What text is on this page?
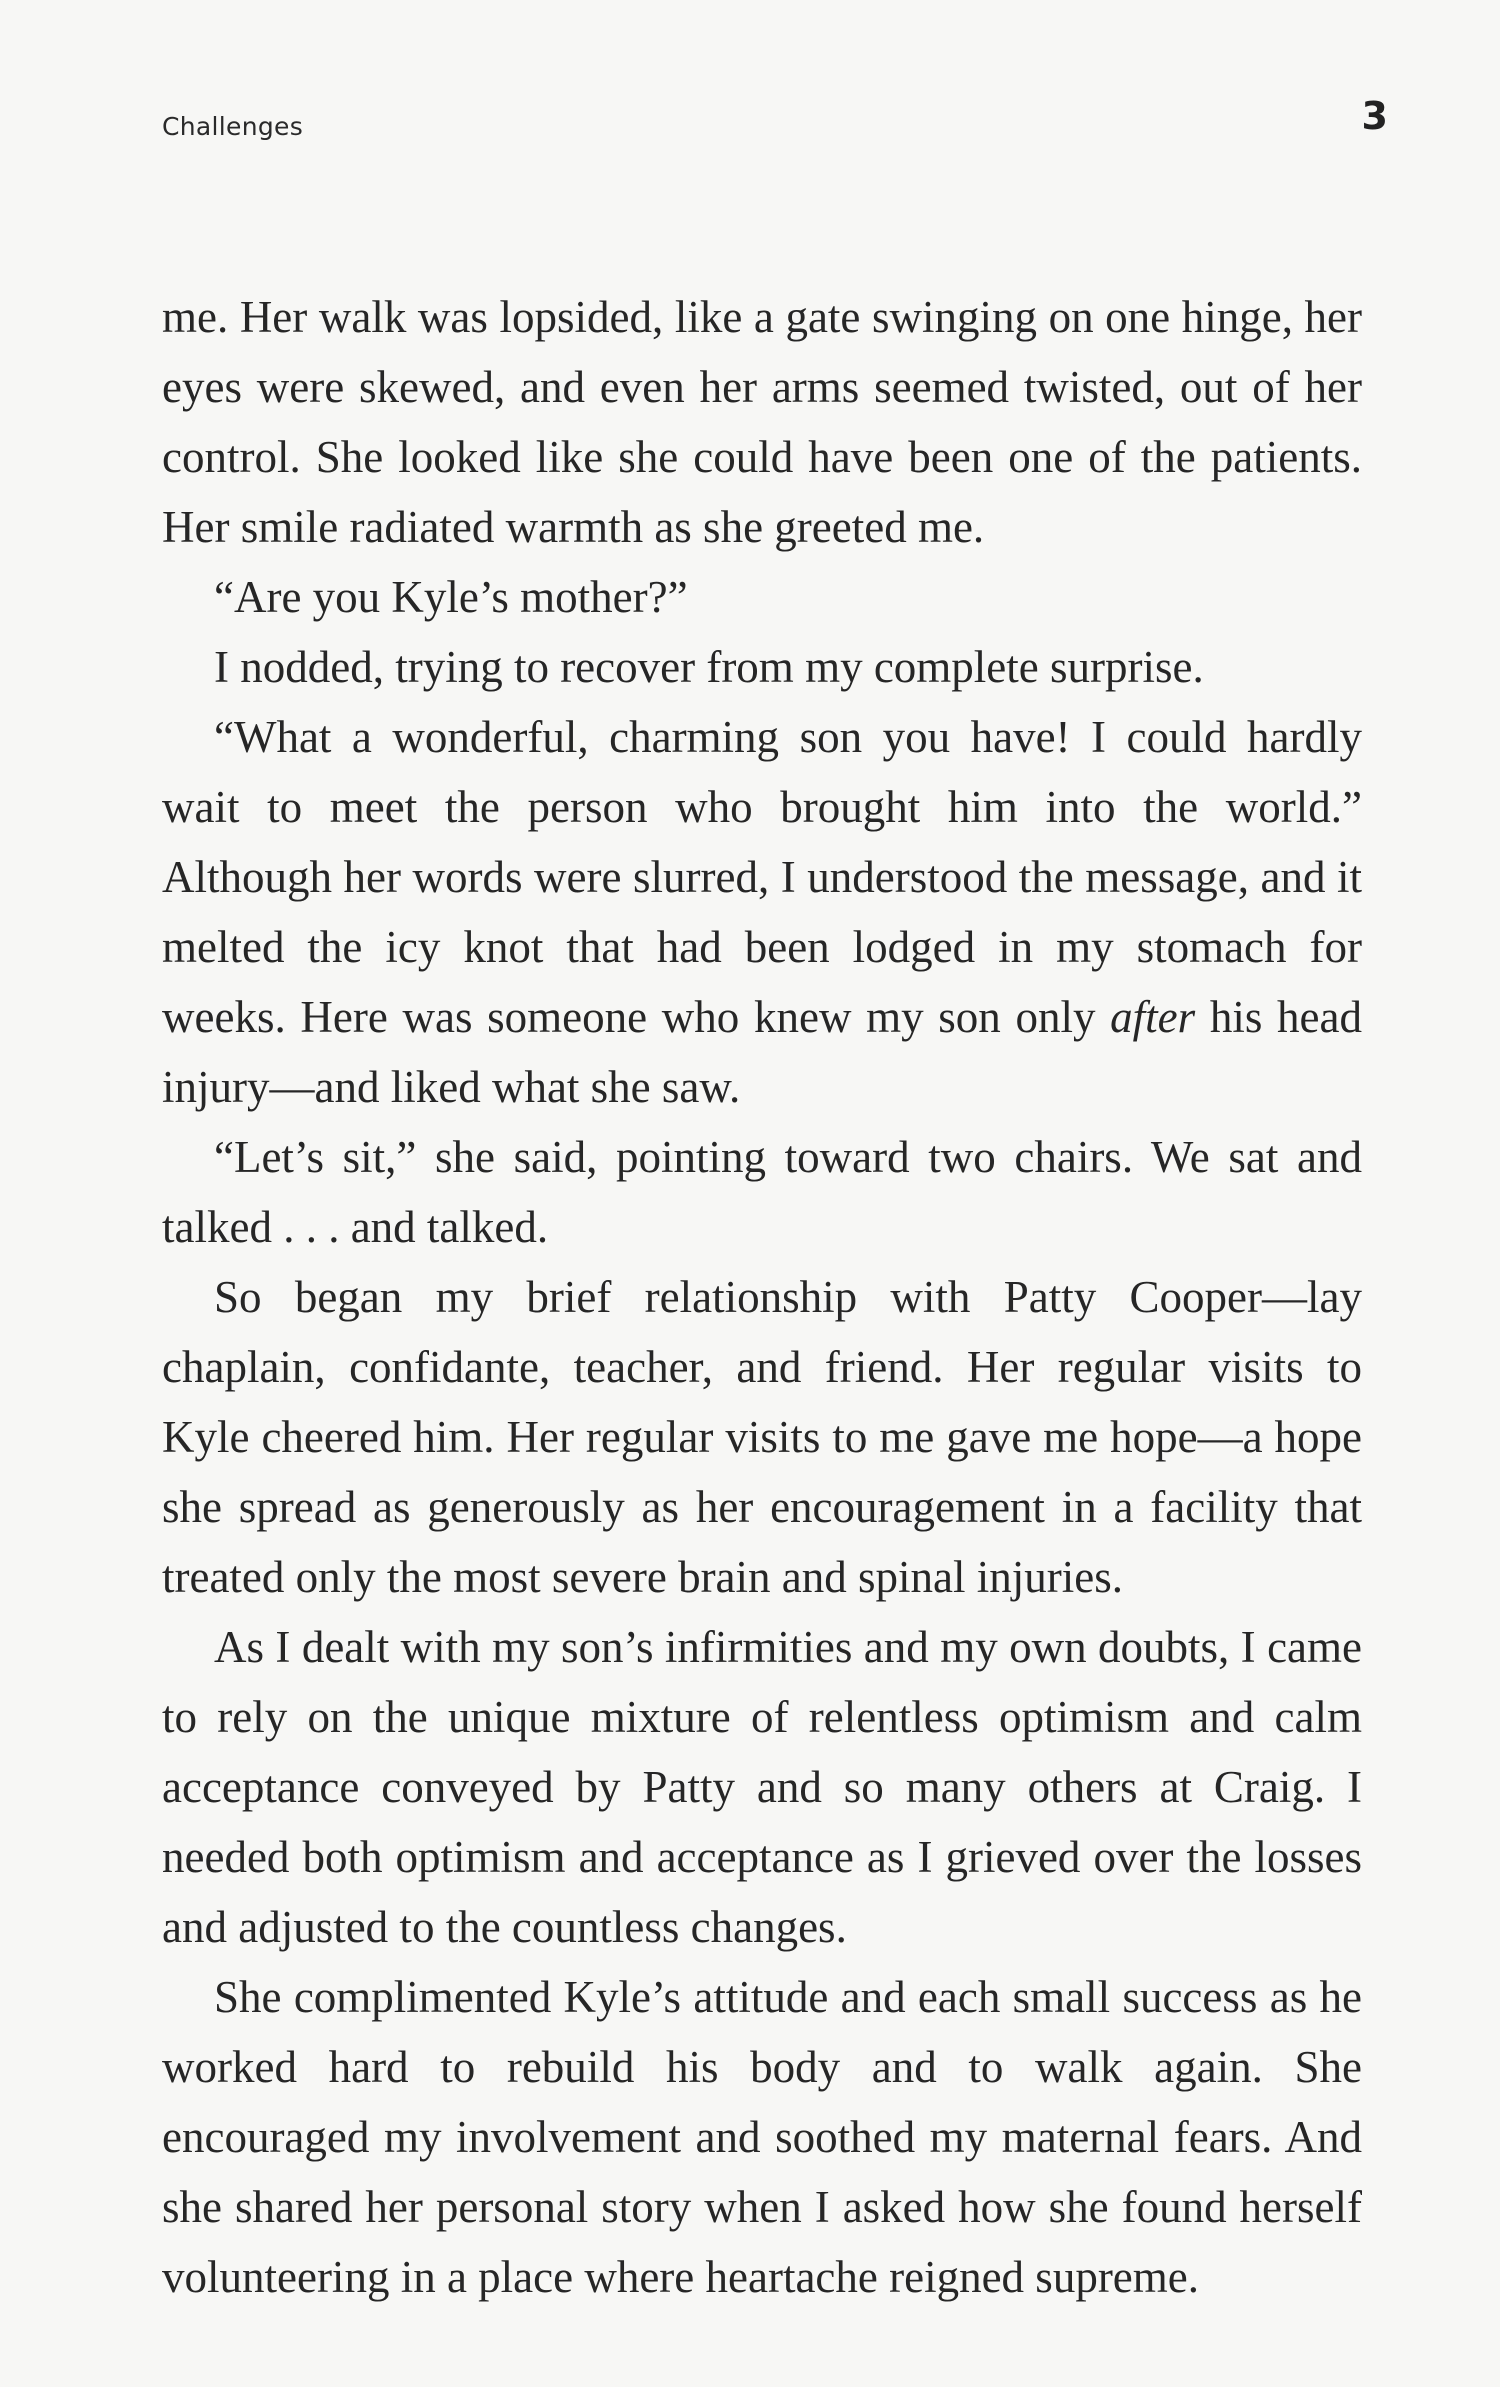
Challenges	3

me. Her walk was lopsided, like a gate swinging on one hinge, her eyes were skewed, and even her arms seemed twisted, out of her control. She looked like she could have been one of the patients. Her smile radiated warmth as she greeted me.

“Are you Kyle’s mother?”

I nodded, trying to recover from my complete surprise.

“What a wonderful, charming son you have! I could hardly wait to meet the person who brought him into the world.” Although her words were slurred, I understood the message, and it melted the icy knot that had been lodged in my stomach for weeks. Here was someone who knew my son only after his head injury—and liked what she saw.

“Let’s sit,” she said, pointing toward two chairs. We sat and talked . . . and talked.

So began my brief relationship with Patty Cooper—lay chaplain, confidante, teacher, and friend. Her regular visits to Kyle cheered him. Her regular visits to me gave me hope—a hope she spread as generously as her encouragement in a facility that treated only the most severe brain and spinal injuries.

As I dealt with my son’s infirmities and my own doubts, I came to rely on the unique mixture of relentless optimism and calm acceptance conveyed by Patty and so many others at Craig. I needed both optimism and acceptance as I grieved over the losses and adjusted to the countless changes.

She complimented Kyle’s attitude and each small success as he worked hard to rebuild his body and to walk again. She encouraged my involvement and soothed my maternal fears. And she shared her personal story when I asked how she found herself volunteering in a place where heartache reigned supreme.
